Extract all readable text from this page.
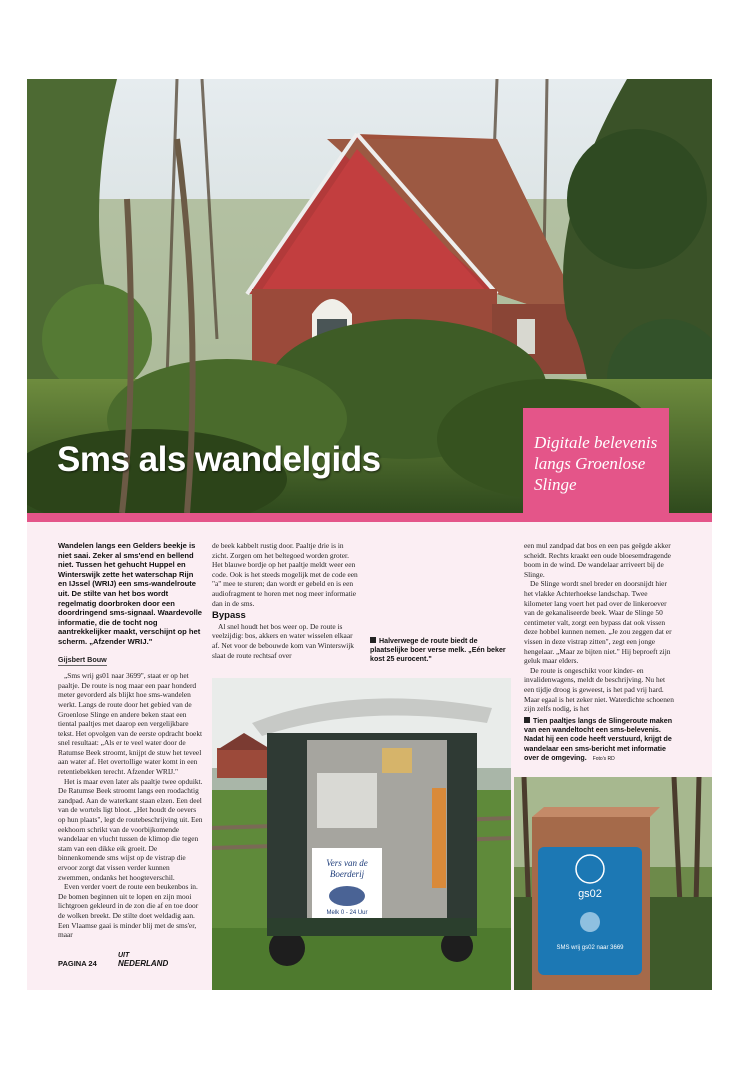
Digitale belevenis langs Groenlose Slinge

Sms als wandelgids

Wandelen langs een Gelders beekje is niet saai. Zeker al sms'end en bellend niet. Tussen het gehucht Huppel en Winterswijk zette het waterschap Rijn en IJssel (WRIJ) een sms-wandelroute uit. De stilte van het bos wordt regelmatig doorbroken door een doordringend sms-signaal. Waardevolle informatie, die de tocht nog aantrekkelijker maakt, verschijnt op het scherm. „Afzender WRIJ."

Gijsbert Bouw

„Sms wrij gs01 naar 3699", staat er op het paaltje. De route is nog maar een paar honderd meter gevorderd als blijkt hoe sms-wandelen werkt. Langs de route door het gebied van de Groenlose Slinge en andere beken staat een tiental paaltjes met daarop een vergelijkbare tekst. Het opvolgen van de eerste opdracht boekt snel resultaat: „Als er te veel water door de Ratumse Beek stroomt, knijpt de stuw het teveel aan water af. Het overtollige water komt in een retentiebekken terecht. Afzender WRIJ."

Het is maar even later als paaltje twee opduikt. De Ratumse Beek stroomt langs een roodachtig zandpad. Aan de waterkant staan elzen. Een deel van de wortels ligt bloot. „Het houdt de oevers op hun plaats", legt de routebeschrijving uit. Een eekhoorn schrikt van de voorbijkomende wandelaar en vlucht tussen de klimop die tegen stam van een dikke eik groeit. De binnenkomende sms wijst op de vistrap die ervoor zorgt dat vissen verder kunnen zwemmen, ondanks het hoogteverschil.

Even verder voert de route een beukenbos in. De bomen beginnen uit te lopen en zijn mooi lichtgroen gekleurd in de zon die af en toe door de wolken breekt. De stilte doet weldadig aan. Een Vlaamse gaai is minder blij met de sms'er, maar

de beek kabbelt rustig door. Paaltje drie is in zicht. Zorgen om het beltegoed worden groter. Het blauwe bordje op het paaltje meldt weer een code. Ook is het steeds mogelijk met de code een "a" mee te sturen; dan wordt er gebeld en is een audiofragment te horen met nog meer informatie dan in de sms.

Bypass

Al snel houdt het bos weer op. De route is veelzijdig: bos, akkers en water wisselen elkaar af. Net voor de bebouwde kom van Winterswijk slaat de route rechtsaf over

Halverwege de route biedt de plaatselijke boer verse melk. „Eén beker kost 25 eurocent."

een mul zandpad dat bos en een pas geëgde akker scheidt. Rechts kraakt een oude bloesemdragende boom in de wind. De wandelaar arriveert bij de Slinge.

De Slinge wordt snel breder en doorsnijdt hier het vlakke Achterhoekse landschap. Twee kilometer lang voert het pad over de linkeroever van de gekanaliseerde beek. Waar de Slinge 50 centimeter valt, zorgt een bypass dat ook vissen deze hobbel kunnen nemen. „Je zou zeggen dat er vissen in deze vistrap zitten", zegt een jonge hengelaar. „Maar ze bijten niet." Hij beproeft zijn geluk maar elders.

De route is ongeschikt voor kinder- en invalidenwagens, meldt de beschrijving. Nu het een tijdje droog is geweest, is het pad vrij hard. Maar egaal is het zeker niet. Waterdichte schoenen zijn zelfs nodig, is het

Tien paaltjes langs de Slingeroute maken van een wandeltocht een sms-belevenis. Nadat hij een code heeft verstuurd, krijgt de wandelaar een sms-bericht met informatie over de omgeving. Foto's RD
Vers van de
Boerderij
Melk 0 - 24 Uur
gs02
SMS wrij gs02 naar 3669
PAGINA 24
UIT
NEDERLAND
